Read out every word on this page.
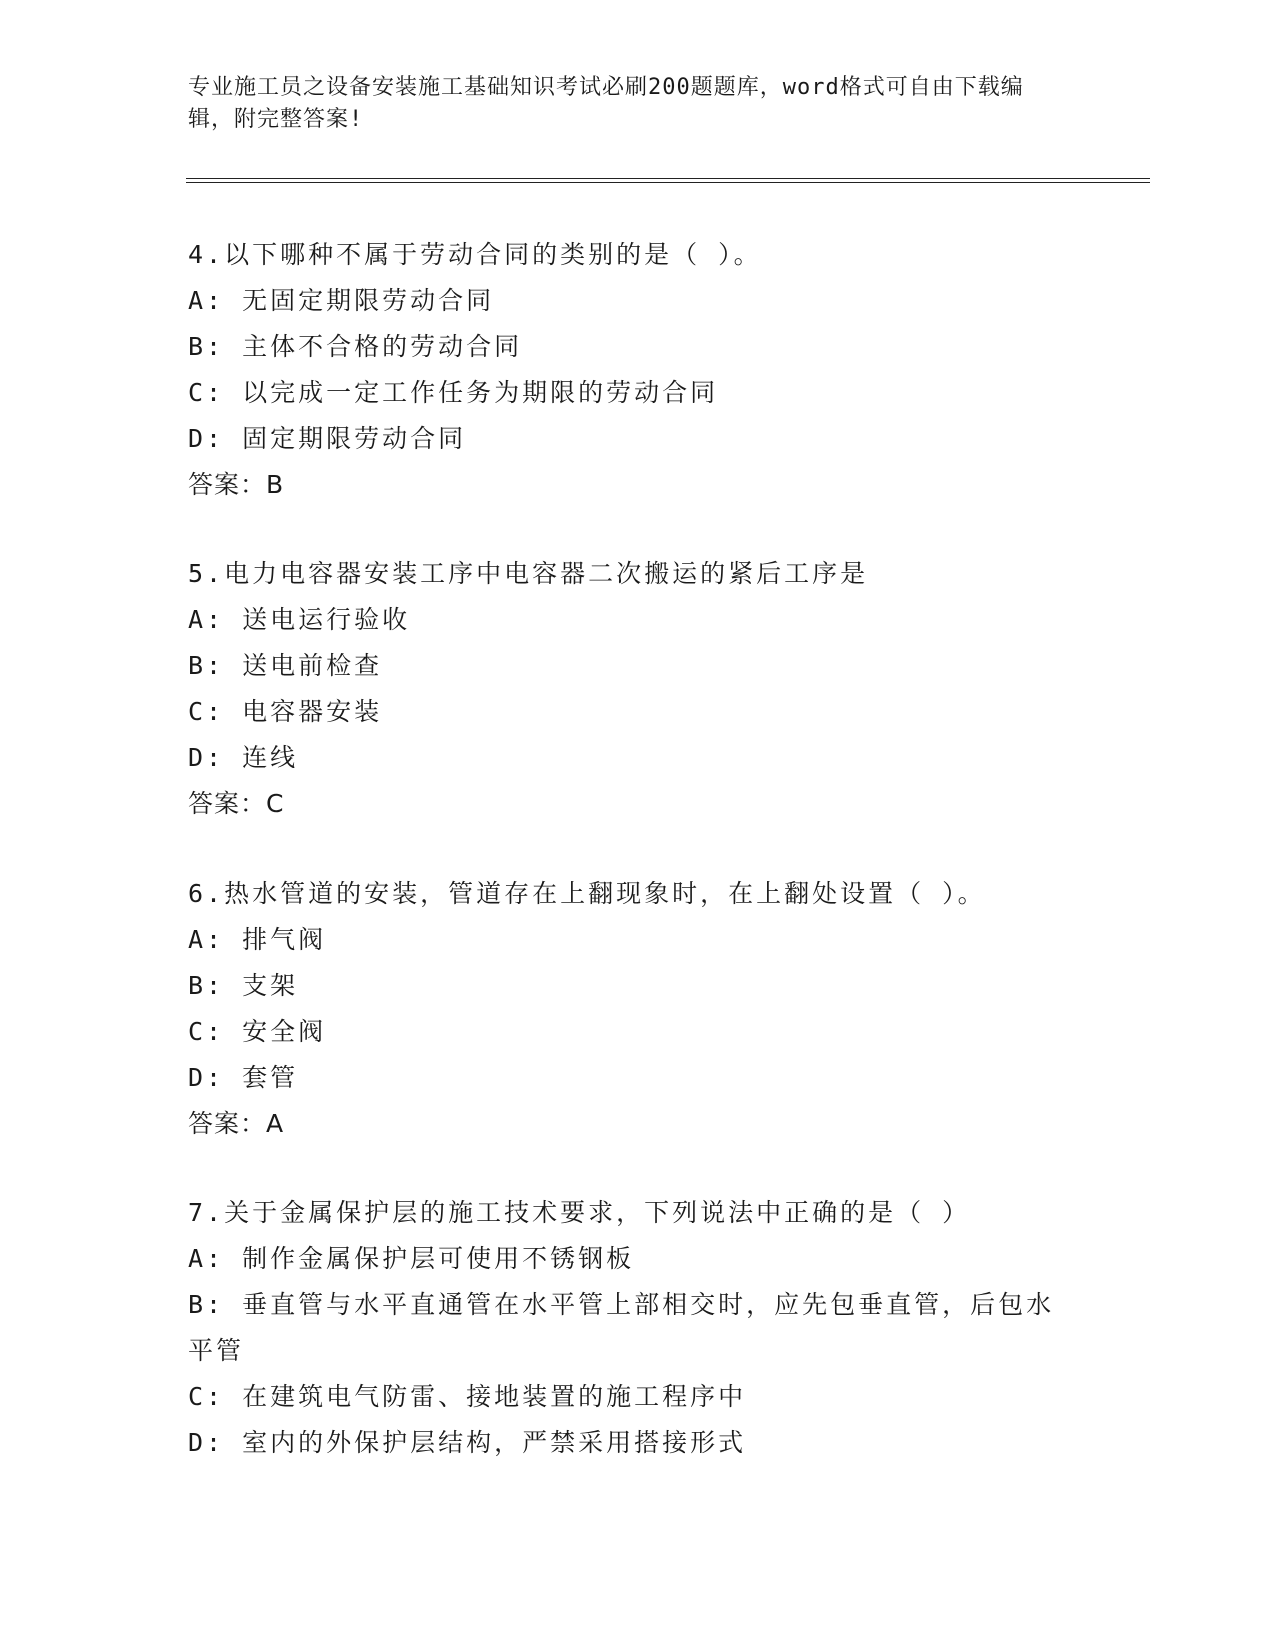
专业施工员之设备安装施工基础知识考试必刷200题题库，word格式可自由下载编辑，附完整答案!
4.以下哪种不属于劳动合同的类别的是（ ）。
A: 无固定期限劳动合同
B: 主体不合格的劳动合同
C: 以完成一定工作任务为期限的劳动合同
D: 固定期限劳动合同
答案：B
5.电力电容器安装工序中电容器二次搬运的紧后工序是
A: 送电运行验收
B: 送电前检查
C: 电容器安装
D: 连线
答案：C
6.热水管道的安装，管道存在上翻现象时，在上翻处设置（ ）。
A: 排气阀
B: 支架
C: 安全阀
D: 套管
答案：A
7.关于金属保护层的施工技术要求，下列说法中正确的是（ ）
A: 制作金属保护层可使用不锈钢板
B: 垂直管与水平直通管在水平管上部相交时，应先包垂直管，后包水平管
C: 在建筑电气防雷、接地装置的施工程序中
D: 室内的外保护层结构，严禁采用搭接形式
